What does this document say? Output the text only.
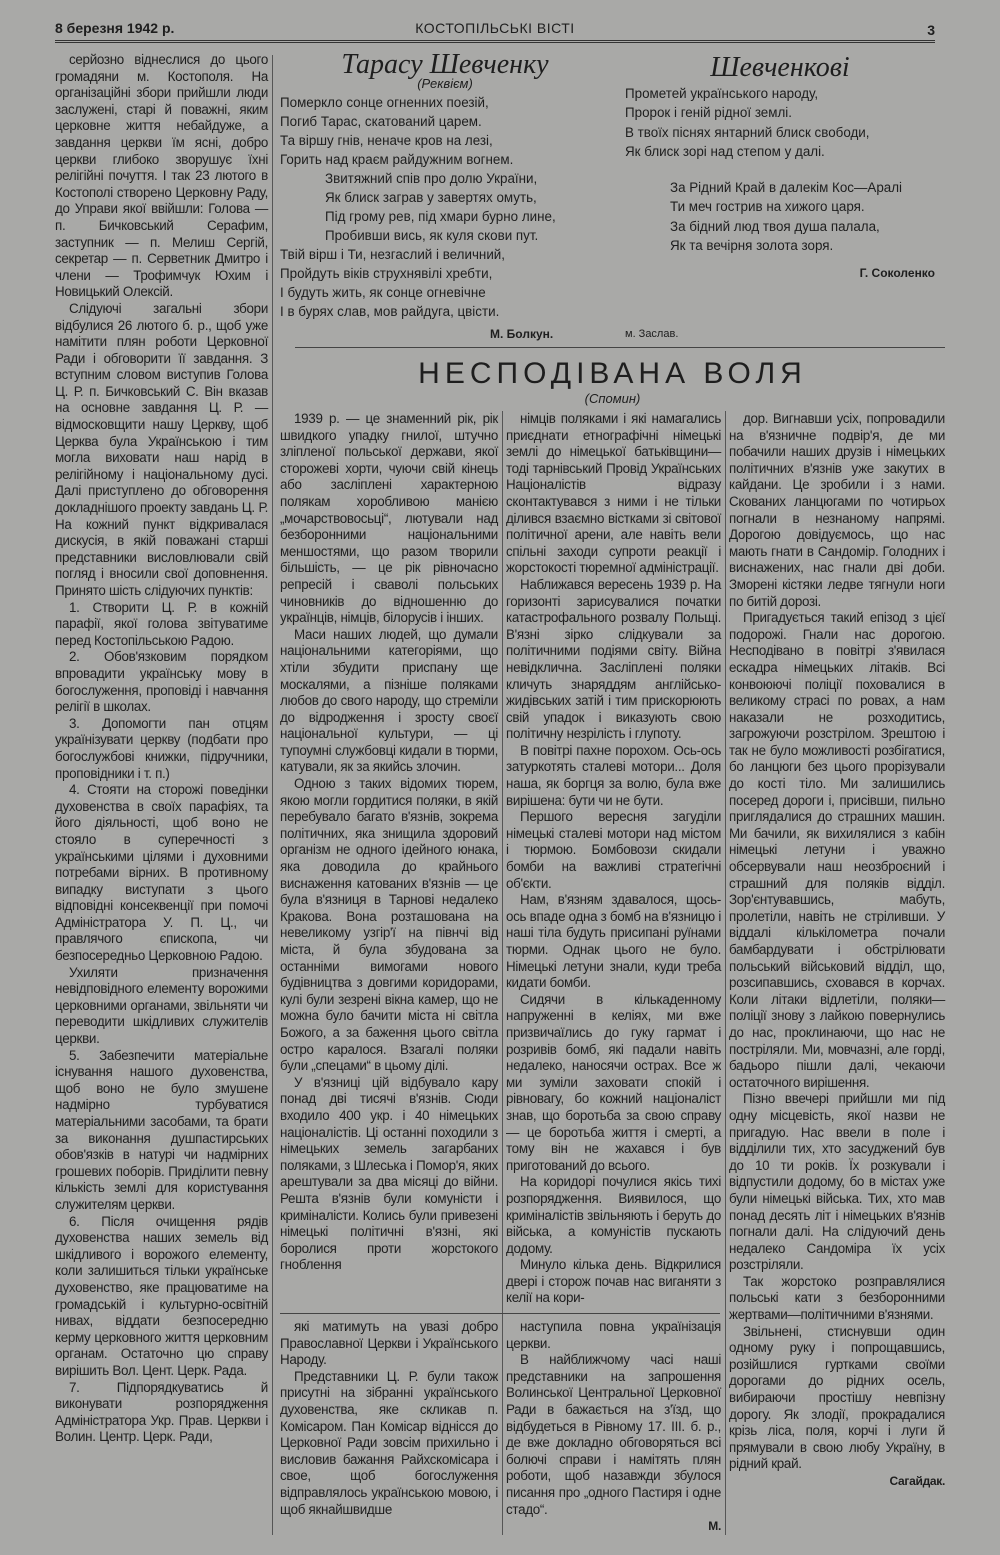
8 березня 1942 р.	КОСТОПІЛЬСЬКІ ВІСТІ	3

серйозно віднеслися до цього громадяни м. Костополя. На організаційні збори прийшли люди заслужені, старі й поважні, яким церковне життя небайдуже, а завдання церкви їм ясні, добро церкви глибоко зворушує їхні релігійні почуття. І так 23 лютого в Костополі створено Церковну Раду, до Управи якої ввійшли: Голова — п. Бичковський Серафим, заступник — п. Мелиш Сергій, секретар — п. Серветник Дмитро і члени — Трофимчук Юхим і Новицький Олексій.

Слідуючі загальні збори відбулися 26 лютого б. р., щоб уже намітити плян роботи Церковної Ради і обговорити її завдання. З вступним словом виступив Голова Ц. Р. п. Бичковський С. Він вказав на основне завдання Ц. Р. — відмосковщити нашу Церкву, щоб Церква була Українською і тим могла виховати наш нарід в релігійному і національному дусі. Далі приступлено до обговорення докладнішого проекту завдань Ц. Р. На кожний пункт відкривалася дискусія, в якій поважані старші представники висловлювали свій погляд і вносили свої доповнення. Принято шість слідуючих пунктів:

1. Створити Ц. Р. в кожній парафії, якої голова звітуватиме перед Костопільською Радою.

2. Обов'язковим порядком впровадити українську мову в богослуження, проповіді і навчання релігії в школах.

3. Допомогти пан отцям українізувати церкву (подбати про богослужбові книжки, підручники, проповідники і т. п.)

4. Стояти на сторожі поведінки духовенства в своїх парафіях, та його діяльності, щоб воно не стояло в суперечності з українськими цілями і духовними потребами вірних. В противному випадку виступати з цього відповідні консеквенції при помочі Адміністратора У. П. Ц., чи правлячого єпископа, чи безпосередньо Церковною Радою.

Ухиляти призначення невідповідного елементу ворожими церковними органами, звільняти чи переводити шкідливих служителів церкви.

5. Забезпечити матеріальне існування нашого духовенства, щоб воно не було змушене надмірно турбуватися матеріальними засобами, та брати за виконання душпастирських обов'язків в натурі чи надмірних грошевих поборів. Приділити певну кількість землі для користування служителям церкви.

6. Після очищення рядів духовенства наших земель від шкідливого і ворожого елементу, коли залишиться тільки українське духовенство, яке працюватиме на громадській і культурно-освітній нивах, віддати безпосередню керму церковного життя церковним органам. Остаточно цю справу вирішить Вол. Цент. Церк. Рада.

7. Підпорядкуватись й виконувати розпорядження Адміністратора Укр. Прав. Церкви і Волин. Центр. Церк. Ради,

Тарасу Шевченку
(Реквієм)
Померкло сонце огненних поезій,
Погиб Тарас, скатований царем.
Та віршу гнів, неначе кров на лезі,
Горить над краєм райдужним вогнем.
Звитяжний спів про долю України,
Як блиск заграв у завертях омуть,
Під грому рев, під хмари бурно лине,
Пробивши вись, як куля скови пут.
Твій вірш і Ти, незгаслий і величний,
Пройдуть віків струхнявілі хребти,
І будуть жить, як сонце огневічне
І в бурях слав, мов райдуга, цвісти.
М. Болкун.	м. Заслав.
Шевченкові
Прометей українського народу,
Пророк і геній рідної землі.
В твоїх піснях янтарний блиск свободи,
Як блиск зорі над степом у далі.
За Рідний Край в далекім Кос—Аралі
Ти меч гострив на хижого царя.
За бідний люд твоя душа палала,
Як та вечірня золота зоря.
Г. Соколенко
НЕСПОДІВАНА ВОЛЯ
(Спомин)

1939 р. — це знаменний рік, рік швидкого упадку гнилої, штучно зліпленої польської держави, якої сторожеві хорти, чуючи свій кінець або засліплені характерною полякам хоробливою манією „мочарствовосьці“, лютували над безборонними національними меншостями, що разом творили більшість, — це рік рівночасно репресій і сваволі польських чиновників до відношенню до українців, німців, білорусів і інших.

Маси наших людей, що думали національними категоріями, що хтіли збудити приспану ще москалями, а пізніше поляками любов до свого народу, що стреміли до відродження і зросту своєї національної культури, — ці тупоумні службовці кидали в тюрми, катували, як за якийсь злочин.

Одною з таких відомих тюрем, якою могли гордитися поляки, в якій перебувало багато в'язнів, зокрема політичних, яка знищила здоровий організм не одного ідейного юнака, яка доводила до крайнього виснаження катованих в'язнів — це була в'язниця в Тарнові недалеко Кракова. Вона розташована на невеликому узгір'ї на півнчі від міста, й була збудована за останніми вимогами нового будівництва з довгими коридорами, кулі були зезрені вікна камер, що не можна було бачити міста ні світла Божого, а за баження цього світла остро каралося. Взагалі поляки були „спецами“ в цьому ділі.

У в'язниці цій відбувало кару понад дві тисячі в'язнів. Сюди входило 400 укр. і 40 німецьких націоналістів. Ці останні походили з німецьких земель загарбаних поляками, з Шлеська і Помор'я, яких арештували за два місяці до війни. Решта в'язнів були комуністи і криміналісти. Колись були привезені німецькі політичні в'язні, які боролися проти жорстокого гноблення

німців поляками і які намагались приєднати етнографічні німецькі землі до німецької батьківщини—тоді тарнівський Провід Українських Націоналістів відразу сконтактувався з ними і не тільки ділився взаємно вістками зі світової політичної арени, але навіть вели спільні заходи супроти реакції і жорстокості тюремної адміністрації.

Наближався вересень 1939 р. На горизонті зарисувалися початки катастрофального розвалу Польщі. В'язні зірко слідкували за політичними подіями світу. Війна невідклична. Засліплені поляки кличуть знаряддям англійсько-жидівських затій і тим прискорюють свій упадок і виказують свою політичну незрілість і глупоту.

В повітрі пахне порохом. Ось-ось затуркотять сталеві мотори... Доля наша, як боргця за волю, була вже вирішена: бути чи не бути.

Першого вересня загуділи німецькі сталеві мотори над містом і тюрмою. Бомбовози скидали бомби на важливі стратегічні об'єкти.

Нам, в'язням здавалося, щось-ось впаде одна з бомб на в'язницю і наші тіла будуть присипані руїнами тюрми. Однак цього не було. Німецькі летуни знали, куди треба кидати бомби.

Сидячи в кількаденному напруженні в келіях, ми вже призвичаїлись до гуку гармат і розривів бомб, які падали навіть недалеко, наносячи острах. Все ж ми зуміли заховати спокій і рівновагу, бо кожний націоналіст знав, що боротьба за свою справу — це боротьба життя і смерті, а тому він не жахався і був приготований до всього.

На коридорі почулися якісь тихі розпорядження. Виявилося, що криміналістів звільняють і беруть до війська, а комуністів пускають додому.

Минуло кілька день. Відкрилися двері і сторож почав нас виганяти з келії на кори-

дор. Вигнавши усіх, попровадили на в'язничне подвір'я, де ми побачили наших друзів і німецьких політичних в'язнів уже закутих в кайдани. Це зробили і з нами. Скованих ланцюгами по чотирьох погнали в незнаному напрямі. Дорогою довідуємось, що нас мають гнати в Сандомір. Голодних і виснажених, нас гнали дві доби. Зморені кістяки ледве тягнули ноги по битій дорозі.

Пригадується такий епізод з цієї подорожі. Гнали нас дорогою. Несподівано в повітрі з'явилася ескадра німецьких літаків. Всі конвоюючі поліції поховалися в великому страсі по ровах, а нам наказали не розходитись, загрожуючи розстрілом. Зрештою і так не було можливості розбігатися, бо ланцюги без цього прорізували до кості тіло. Ми залишились посеред дороги і, присівши, пильно приглядалися до страшних машин. Ми бачили, як вихилялися з кабін німецькі летуни і уважно обсервували наш неозброєний і страшний для поляків відділ. Зор'єнтувавшись, мабуть, пролетіли, навіть не стріливши. У віддалі кількілометра почали бамбардувати і обстрілювати польський військовий відділ, що, розсипавшись, сховався в корчах. Коли літаки відлетіли, поляки—поліції знову з лайкою повернулись до нас, проклинаючи, що нас не постріляли. Ми, мовчазні, але горді, бадьоро пішли далі, чекаючи остаточного вирішення.

Пізно ввечері прийшли ми під одну місцевість, якої назви не пригадую. Нас ввели в поле і відділили тих, хто засуджений був до 10 ти років. Їх розкували і відпустили додому, бо в містах уже були німецькі війська. Тих, хто мав понад десять літ і німецьких в'язнів погнали далі. На слідуючий день недалеко Сандоміра їх усіх розстріляли.

Так жорстоко розправлялися польські кати з безборонними жертвами—політичними в'язнями.

Звільнені, стиснувши один одному руку і попрощавшись, розійшлися гуртками своїми дорогами до рідних осель, вибираючи простішу невпізну дорогу. Як злодії, прокрадалися крізь ліса, поля, корчі і луги й прямували в свою любу Україну, в рідний край.

Сагайдак.

які матимуть на увазі добро Православної Церкви і Українського Народу.

Представники Ц. Р. були також присутні на зібранні українського духовенства, яке скликав п. Комісаром. Пан Комісар віднісся до Церковної Ради зовсім прихильно і висловив бажання Райхскомісара і свое, щоб богослуження відправлялось українською мовою, і щоб якнайшвидше

наступила повна українізація церкви.

В найближчому часі наші представники на запрошення Волинської Центральної Церковної Ради в бажається на з'їзд, що відбудеться в Рівному 17. III. б. р., де вже докладно обговоряться всі болючі справи і намітять плян роботи, щоб назавжди збулося писання про „одного Пастиря і одне стадо“.

М.
